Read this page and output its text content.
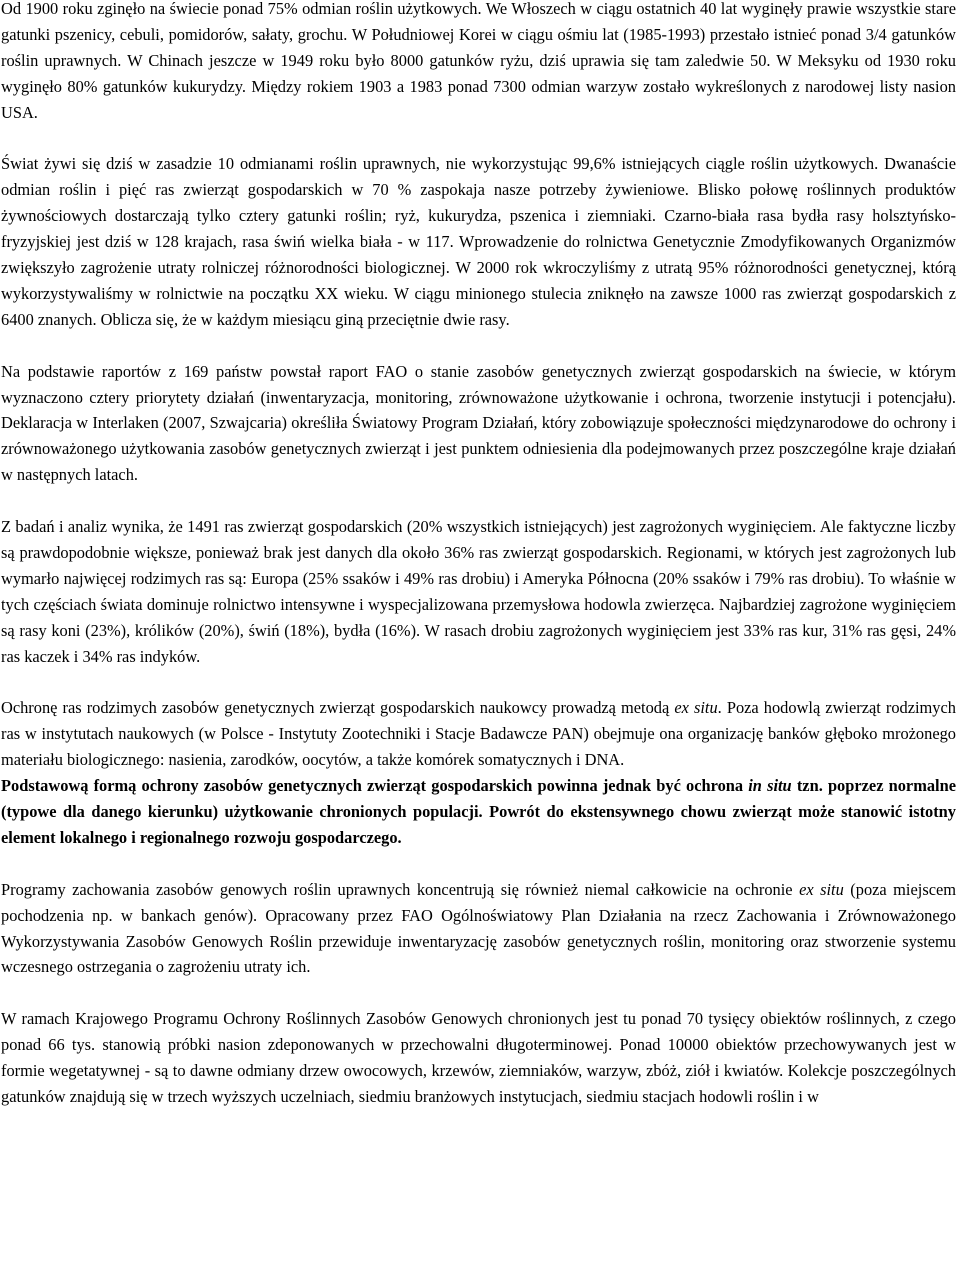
Od 1900 roku zginęło na świecie ponad 75% odmian roślin użytkowych. We Włoszech w ciągu ostatnich 40 lat wyginęły prawie wszystkie stare gatunki pszenicy, cebuli, pomidorów, sałaty, grochu. W Południowej Korei w ciągu ośmiu lat (1985-1993) przestało istnieć ponad 3/4 gatunków roślin uprawnych. W Chinach jeszcze w 1949 roku było 8000 gatunków ryżu, dziś uprawia się tam zaledwie 50. W Meksyku od 1930 roku wyginęło 80% gatunków kukurydzy. Między rokiem 1903 a 1983 ponad 7300 odmian warzyw zostało wykreślonych z narodowej listy nasion USA.

Świat żywi się dziś w zasadzie 10 odmianami roślin uprawnych, nie wykorzystując 99,6% istniejących ciągle roślin użytkowych. Dwanaście odmian roślin i pięć ras zwierząt gospodarskich w 70 % zaspokaja nasze potrzeby żywieniowe. Blisko połowę roślinnych produktów żywnościowych dostarczają tylko cztery gatunki roślin; ryż, kukurydza, pszenica i ziemniaki. Czarno-biała rasa bydła rasy holsztyńsko-fryzyjskiej jest dziś w 128 krajach, rasa świń wielka biała - w 117. Wprowadzenie do rolnictwa Genetycznie Zmodyfikowanych Organizmów zwiększyło zagrożenie utraty rolniczej różnorodności biologicznej. W 2000 rok wkroczyliśmy z utratą 95% różnorodności genetycznej, którą wykorzystywaliśmy w rolnictwie na początku XX wieku. W ciągu minionego stulecia zniknęło na zawsze 1000 ras zwierząt gospodarskich z 6400 znanych. Oblicza się, że w każdym miesiącu giną przeciętnie dwie rasy.

Na podstawie raportów z 169 państw powstał raport FAO o stanie zasobów genetycznych zwierząt gospodarskich na świecie, w którym wyznaczono cztery priorytety działań (inwentaryzacja, monitoring, zrównoważone użytkowanie i ochrona, tworzenie instytucji i potencjału). Deklaracja w Interlaken (2007, Szwajcaria) określiła Światowy Program Działań, który zobowiązuje społeczności międzynarodowe do ochrony i zrównoważonego użytkowania zasobów genetycznych zwierząt i jest punktem odniesienia dla podejmowanych przez poszczególne kraje działań w następnych latach.

Z badań i analiz wynika, że 1491 ras zwierząt gospodarskich (20% wszystkich istniejących) jest zagrożonych wyginięciem. Ale faktyczne liczby są prawdopodobnie większe, ponieważ brak jest danych dla około 36% ras zwierząt gospodarskich. Regionami, w których jest zagrożonych lub wymarło najwięcej rodzimych ras są: Europa (25% ssaków i 49% ras drobiu) i Ameryka Północna (20% ssaków i 79% ras drobiu). To właśnie w tych częściach świata dominuje rolnictwo intensywne i wyspecjalizowana przemysłowa hodowla zwierzęca. Najbardziej zagrożone wyginięciem są rasy koni (23%), królików (20%), świń (18%), bydła (16%). W rasach drobiu zagrożonych wyginięciem jest 33% ras kur, 31% ras gęsi, 24% ras kaczek i 34% ras indyków.

Ochronę ras rodzimych zasobów genetycznych zwierząt gospodarskich naukowcy prowadzą metodą ex situ. Poza hodowlą zwierząt rodzimych ras w instytutach naukowych (w Polsce - Instytuty Zootechniki i Stacje Badawcze PAN) obejmuje ona organizację banków głęboko mrożonego materiału biologicznego: nasienia, zarodków, oocytów, a także komórek somatycznych i DNA.

Podstawową formą ochrony zasobów genetycznych zwierząt gospodarskich powinna jednak być ochrona in situ tzn. poprzez normalne (typowe dla danego kierunku) użytkowanie chronionych populacji. Powrót do ekstensywnego chowu zwierząt może stanowić istotny element lokalnego i regionalnego rozwoju gospodarczego.

Programy zachowania zasobów genowych roślin uprawnych koncentrują się również niemal całkowicie na ochronie ex situ (poza miejscem pochodzenia np. w bankach genów). Opracowany przez FAO Ogólnoświatowy Plan Działania na rzecz Zachowania i Zrównoważonego Wykorzystywania Zasobów Genowych Roślin przewiduje inwentaryzację zasobów genetycznych roślin, monitoring oraz stworzenie systemu wczesnego ostrzegania o zagrożeniu utraty ich.

W ramach Krajowego Programu Ochrony Roślinnych Zasobów Genowych chronionych jest tu ponad 70 tysięcy obiektów roślinnych, z czego ponad 66 tys. stanowią próbki nasion zdeponowanych w przechowalni długoterminowej. Ponad 10000 obiektów przechowywanych jest w formie wegetatywnej - są to dawne odmiany drzew owocowych, krzewów, ziemniaków, warzyw, zbóż, ziół i kwiatów. Kolekcje poszczególnych gatunków znajdują się w trzech wyższych uczelniach, siedmiu branżowych instytucjach, siedmiu stacjach hodowli roślin i w
